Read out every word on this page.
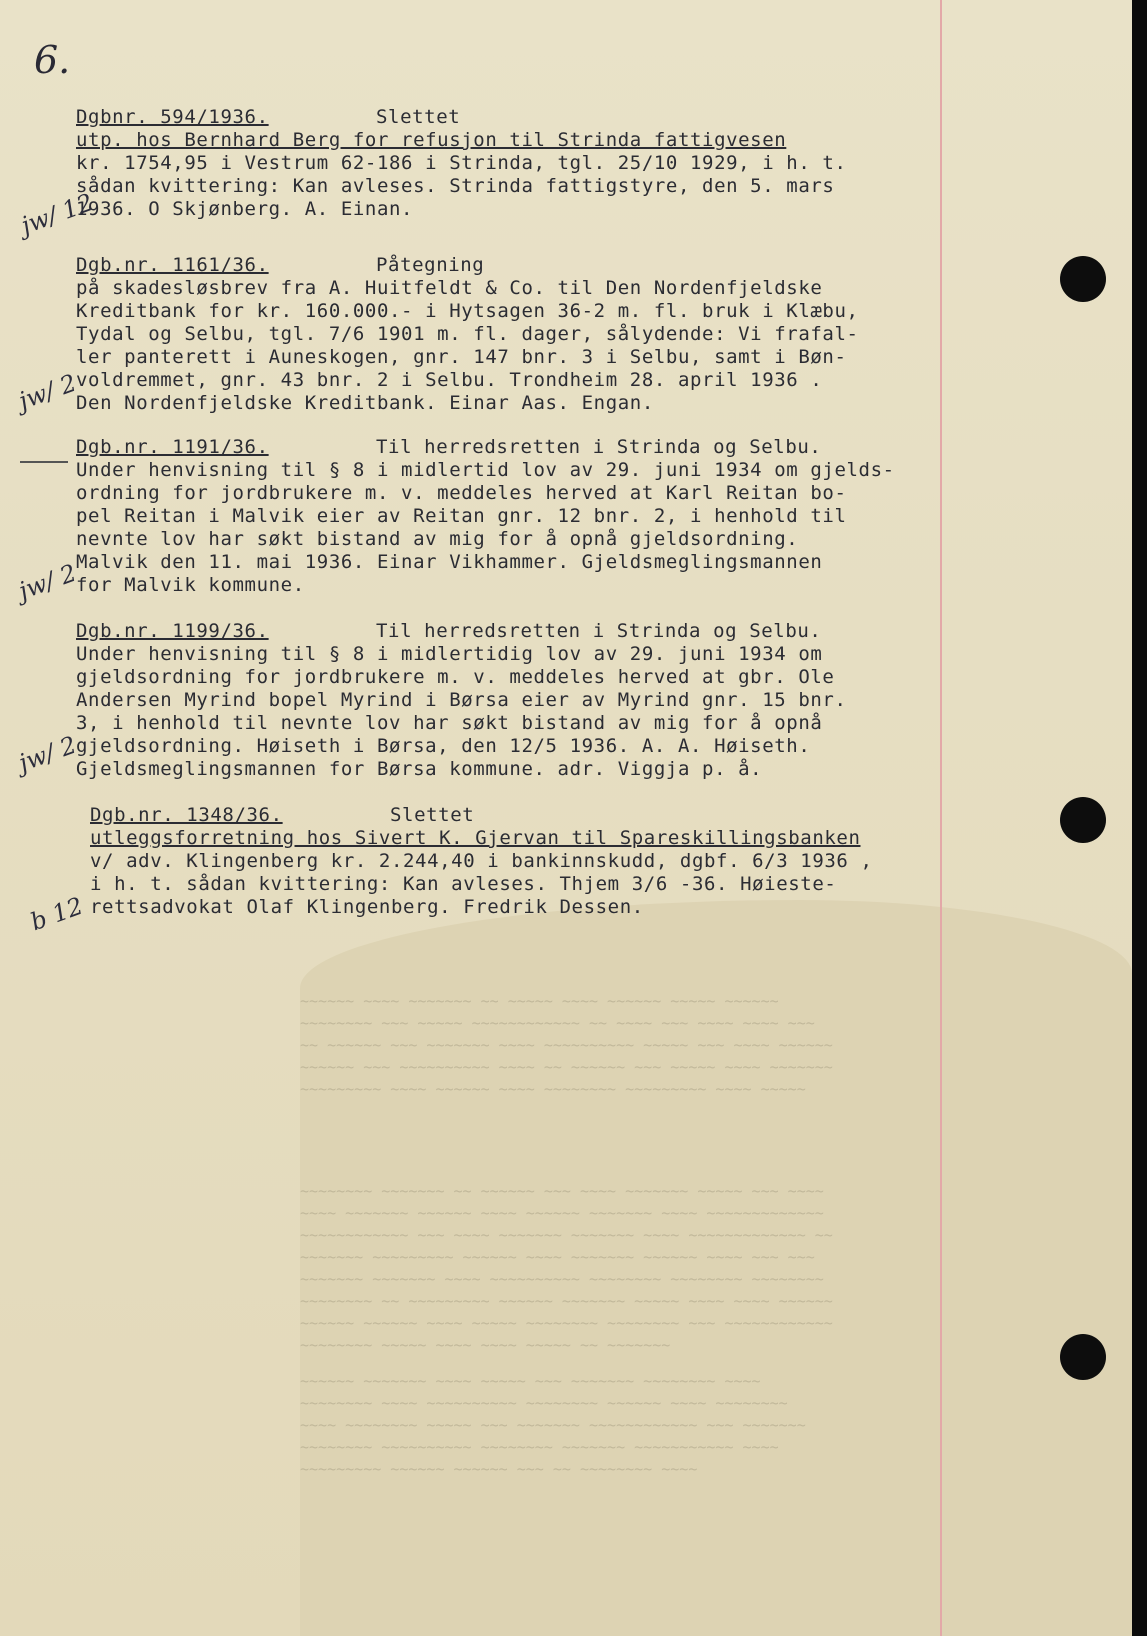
~~~~~~ ~~~~ ~~~~~~~ ~~ ~~~~~ ~~~~ ~~~~~~ ~~~~~ ~~~~~~
~~~~~~~~ ~~~ ~~~~~ ~~~~~~~~~~~~ ~~ ~~~~ ~~~ ~~~~ ~~~~ ~~~
~~ ~~~~~~ ~~~ ~~~~~~~ ~~~~ ~~~~~~~~~~ ~~~~~ ~~~ ~~~~ ~~~~~~
~~~~~~ ~~~ ~~~~~~~~~~ ~~~~ ~~ ~~~~~~ ~~~ ~~~~~ ~~~~ ~~~~~~~
~~~~~~~~~ ~~~~ ~~~~~~ ~~~~ ~~~~~~~~ ~~~~~~~~~ ~~~~ ~~~~~
~~~~~~~~ ~~~~~~~ ~~ ~~~~~~ ~~~ ~~~~ ~~~~~~~ ~~~~~ ~~~ ~~~~
~~~~ ~~~~~~~ ~~~~~~ ~~~~ ~~~~~~ ~~~~~~~ ~~~~ ~~~~~~~~~~~~~
~~~~~~~~~~~~ ~~~ ~~~~ ~~~~~~~ ~~~~~~~ ~~~~ ~~~~~~~~~~~~~ ~~
~~~~~~~ ~~~~~~~~~ ~~~~~~ ~~~~ ~~~~~~~ ~~~~~~ ~~~~ ~~~ ~~~
~~~~~~~ ~~~~~~~ ~~~~ ~~~~~~~~~~ ~~~~~~~~ ~~~~~~~~ ~~~~~~~~
~~~~~~~~ ~~ ~~~~~~~~~ ~~~~~~ ~~~~~~~ ~~~~~ ~~~~ ~~~~ ~~~~~~
~~~~~~ ~~~~~~ ~~~~ ~~~~~ ~~~~~~~~ ~~~~~~~~ ~~~ ~~~~~~~~~~~~
~~~~~~~~ ~~~~~ ~~~~ ~~~~ ~~~~~ ~~ ~~~~~~~
~~~~~~ ~~~~~~~ ~~~~ ~~~~~ ~~~ ~~~~~~~ ~~~~~~~~ ~~~~
~~~~~~~~ ~~~~ ~~~~~~~~~~ ~~~~~~~~ ~~~~~~ ~~~~ ~~~~~~~~
~~~~ ~~~~~~~~ ~~~~~ ~~~ ~~~~~~~ ~~~~~~~~~~~~ ~~~ ~~~~~~~
~~~~~~~~ ~~~~~~~~~~ ~~~~~~~~ ~~~~~~~ ~~~~~~~~~~~ ~~~~
~~~~~~~~~ ~~~~~~ ~~~~~~ ~~~ ~~ ~~~~~~~~ ~~~~
6.
Dgbnr. 594/1936.	Slettet
utp. hos Bernhard Berg for refusjon til Strinda fattigvesen
kr. 1754,95 i Vestrum 62-186 i Strinda, tgl. 25/10 1929, i h. t.
sådan kvittering: Kan avleses. Strinda fattigstyre, den 5. mars
1936. O Skjønberg. A. Einan.
jw/ 12
Dgb.nr. 1161/36.	Påtegning
på skadesløsbrev fra A. Huitfeldt & Co. til Den Nordenfjeldske
Kreditbank for kr. 160.000.- i Hytsagen 36-2 m. fl. bruk i Klæbu,
Tydal og Selbu, tgl. 7/6 1901 m. fl. dager, sålydende: Vi frafal-
ler panterett i Auneskogen, gnr. 147 bnr. 3 i Selbu, samt i Bøn-
voldremmet, gnr. 43 bnr. 2 i Selbu. Trondheim 28. april 1936 .
Den Nordenfjeldske Kreditbank. Einar Aas. Engan.
jw/ 2
Dgb.nr. 1191/36.	Til herredsretten i Strinda og Selbu.
Under henvisning til § 8 i midlertid lov av 29. juni 1934 om gjelds-
ordning for jordbrukere m. v. meddeles herved at Karl Reitan bo-
pel Reitan i Malvik eier av Reitan gnr. 12 bnr. 2, i henhold til
nevnte lov har søkt bistand av mig for å opnå gjeldsordning.
Malvik den 11. mai 1936. Einar Vikhammer. Gjeldsmeglingsmannen
for Malvik kommune.
jw/ 2
Dgb.nr. 1199/36.	Til herredsretten i Strinda og Selbu.
Under henvisning til § 8 i midlertidig lov av 29. juni 1934 om
gjeldsordning for jordbrukere m. v. meddeles herved at gbr. Ole
Andersen Myrind bopel Myrind i Børsa eier av Myrind gnr. 15 bnr.
3, i henhold til nevnte lov har søkt bistand av mig for å opnå
gjeldsordning. Høiseth i Børsa, den 12/5 1936. A. A. Høiseth.
Gjeldsmeglingsmannen for Børsa kommune. adr. Viggja p. å.
jw/ 2
Dgb.nr. 1348/36.	Slettet
utleggsforretning hos Sivert K. Gjervan til Spareskillingsbanken
v/ adv. Klingenberg kr. 2.244,40 i bankinnskudd, dgbf. 6/3 1936 ,
i h. t. sådan kvittering: Kan avleses. Thjem 3/6 -36. Høieste-
rettsadvokat Olaf Klingenberg. Fredrik Dessen.
b 12
